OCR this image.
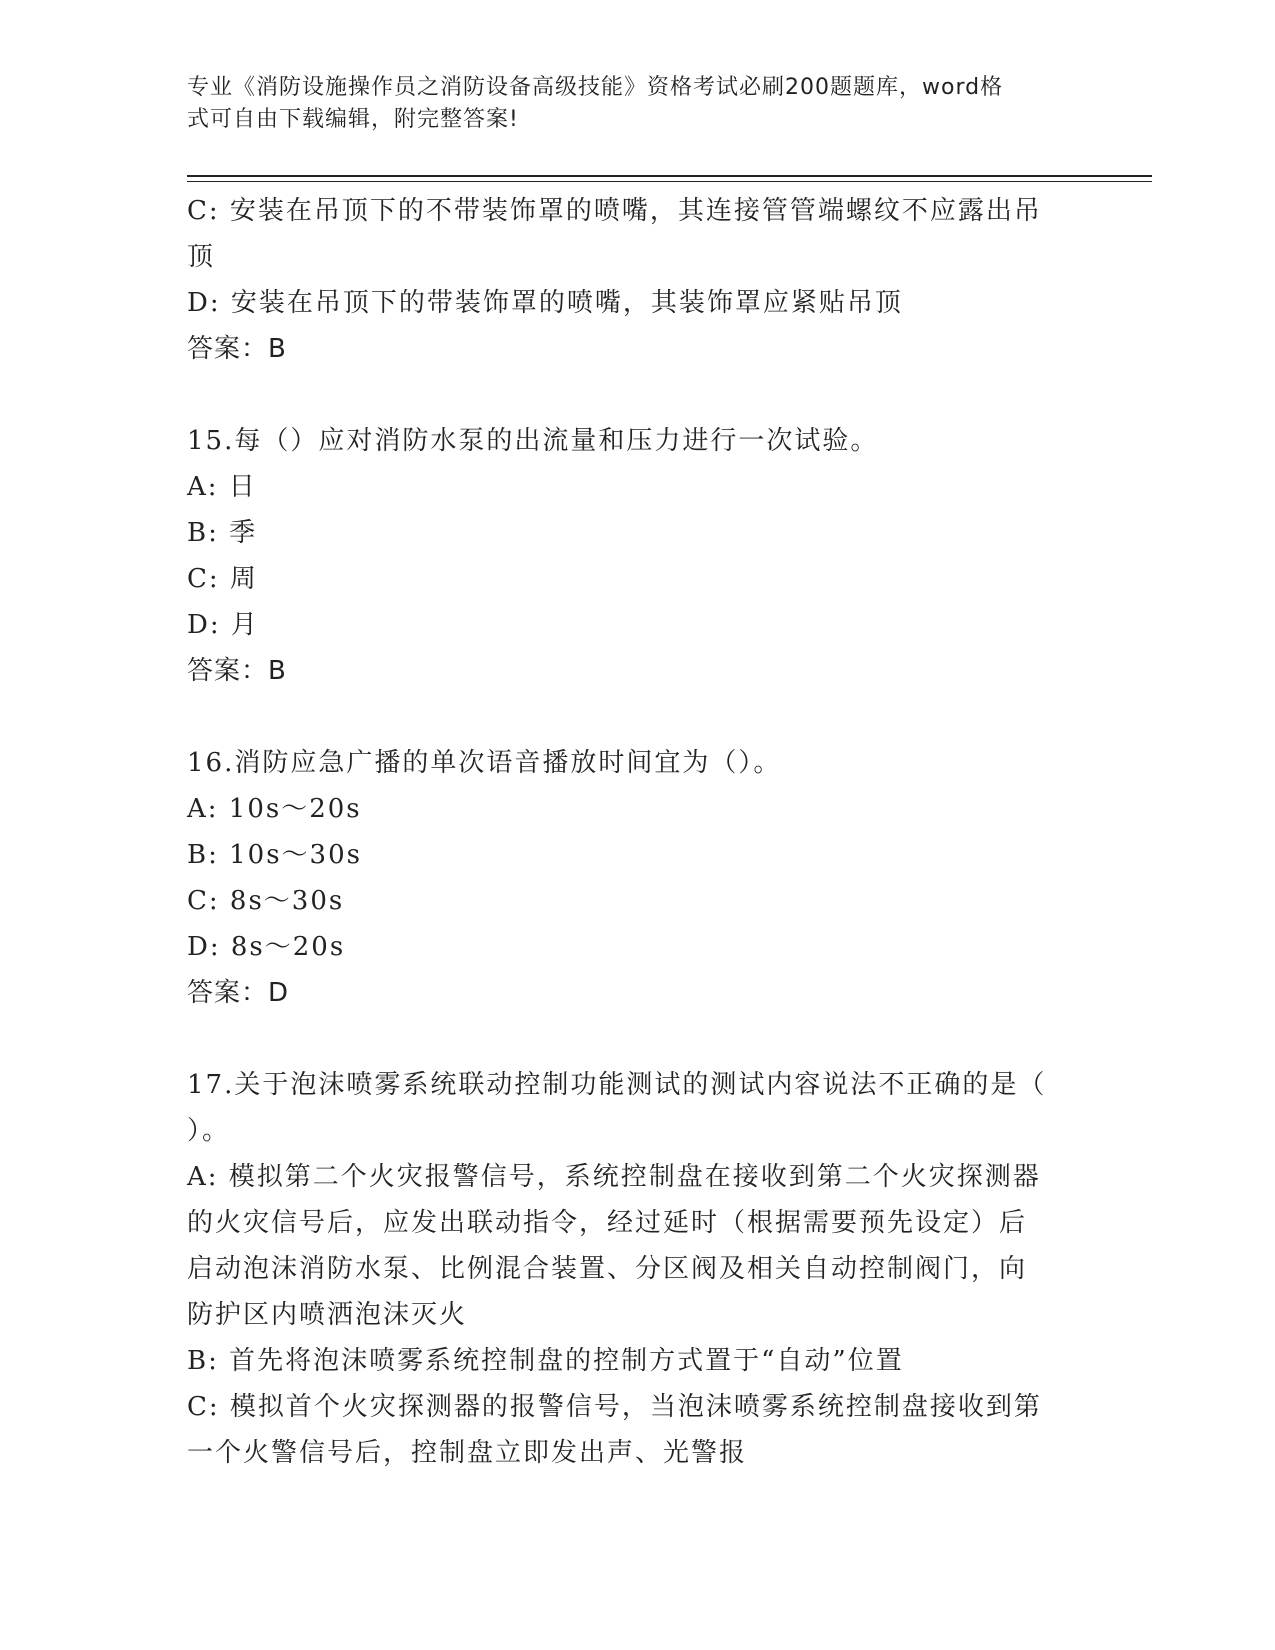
专业《消防设施操作员之消防设备高级技能》资格考试必刷200题题库，word格
式可自由下载编辑，附完整答案!

C: 安装在吊顶下的不带装饰罩的喷嘴，其连接管管端螺纹不应露出吊

顶

D: 安装在吊顶下的带装饰罩的喷嘴，其装饰罩应紧贴吊顶

答案：B

15.每（）应对消防水泵的出流量和压力进行一次试验。

A: 日

B: 季

C: 周

D: 月

答案：B

16.消防应急广播的单次语音播放时间宜为（）。

A: 10s～20s

B: 10s～30s

C: 8s～30s

D: 8s～20s

答案：D

17.关于泡沫喷雾系统联动控制功能测试的测试内容说法不正确的是（

）。

A: 模拟第二个火灾报警信号，系统控制盘在接收到第二个火灾探测器

的火灾信号后，应发出联动指令，经过延时（根据需要预先设定）后

启动泡沫消防水泵、比例混合装置、分区阀及相关自动控制阀门，向

防护区内喷洒泡沫灭火

B: 首先将泡沫喷雾系统控制盘的控制方式置于“自动”位置

C: 模拟首个火灾探测器的报警信号，当泡沫喷雾系统控制盘接收到第

一个火警信号后，控制盘立即发出声、光警报
